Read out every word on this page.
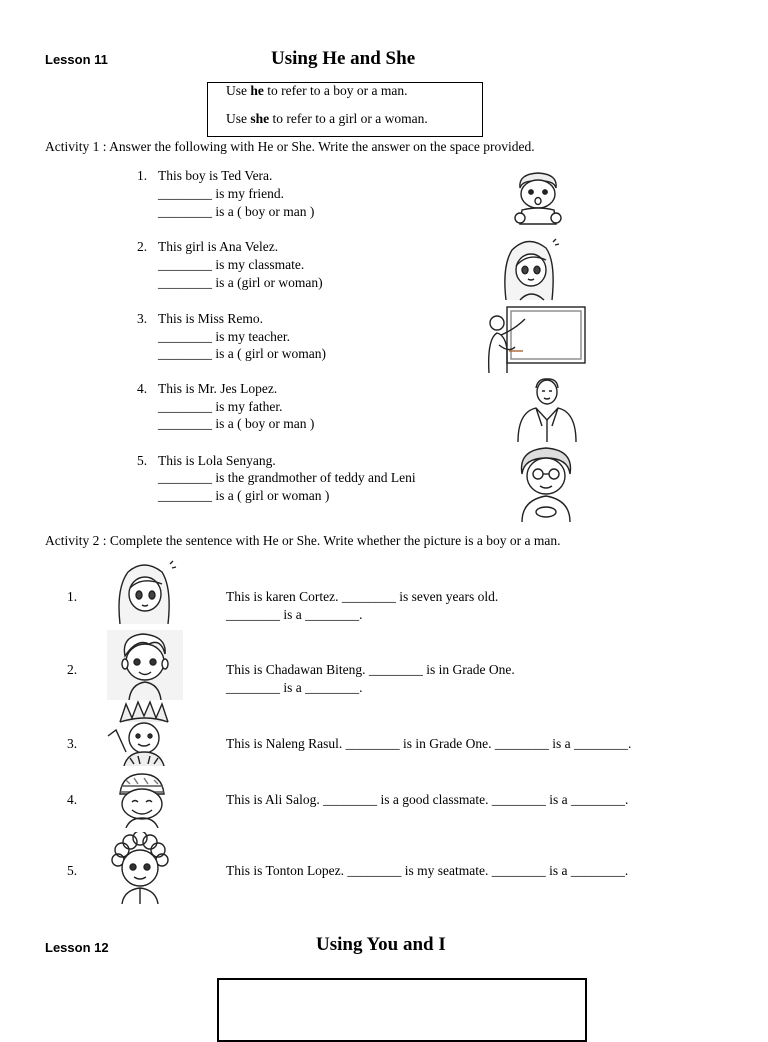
Lesson 11	Using He and She
Use he to refer to a boy or a man.
Use she to refer to a girl or a woman.
Activity 1 : Answer the following with He or She. Write the answer on the space provided.
1. This boy is Ted Vera.
________ is my friend.
________ is a ( boy or man )
2. This girl is Ana Velez.
________ is my classmate.
________ is a (girl or woman)
3. This is Miss Remo.
________ is my teacher.
________ is a ( girl or woman)
4. This is Mr. Jes Lopez.
________ is my father.
________ is a ( boy or man )
5. This is Lola Senyang.
________ is the grandmother of teddy and Leni
________ is a ( girl or woman )
Activity 2 : Complete the sentence with He or She. Write whether the picture is a boy or a man.
1.	This is karen Cortez. ________ is seven years old.
________ is a ________.
2.	This is Chadawan Biteng. ________ is in Grade One.
________ is a ________.
3.	This is Naleng Rasul. ________ is in Grade One. ________ is a ________.
4.	This is Ali Salog. ________ is a good classmate. ________ is a ________.
5.	This is Tonton Lopez. ________ is my seatmate. ________ is a ________.
Lesson 12	Using You and I
